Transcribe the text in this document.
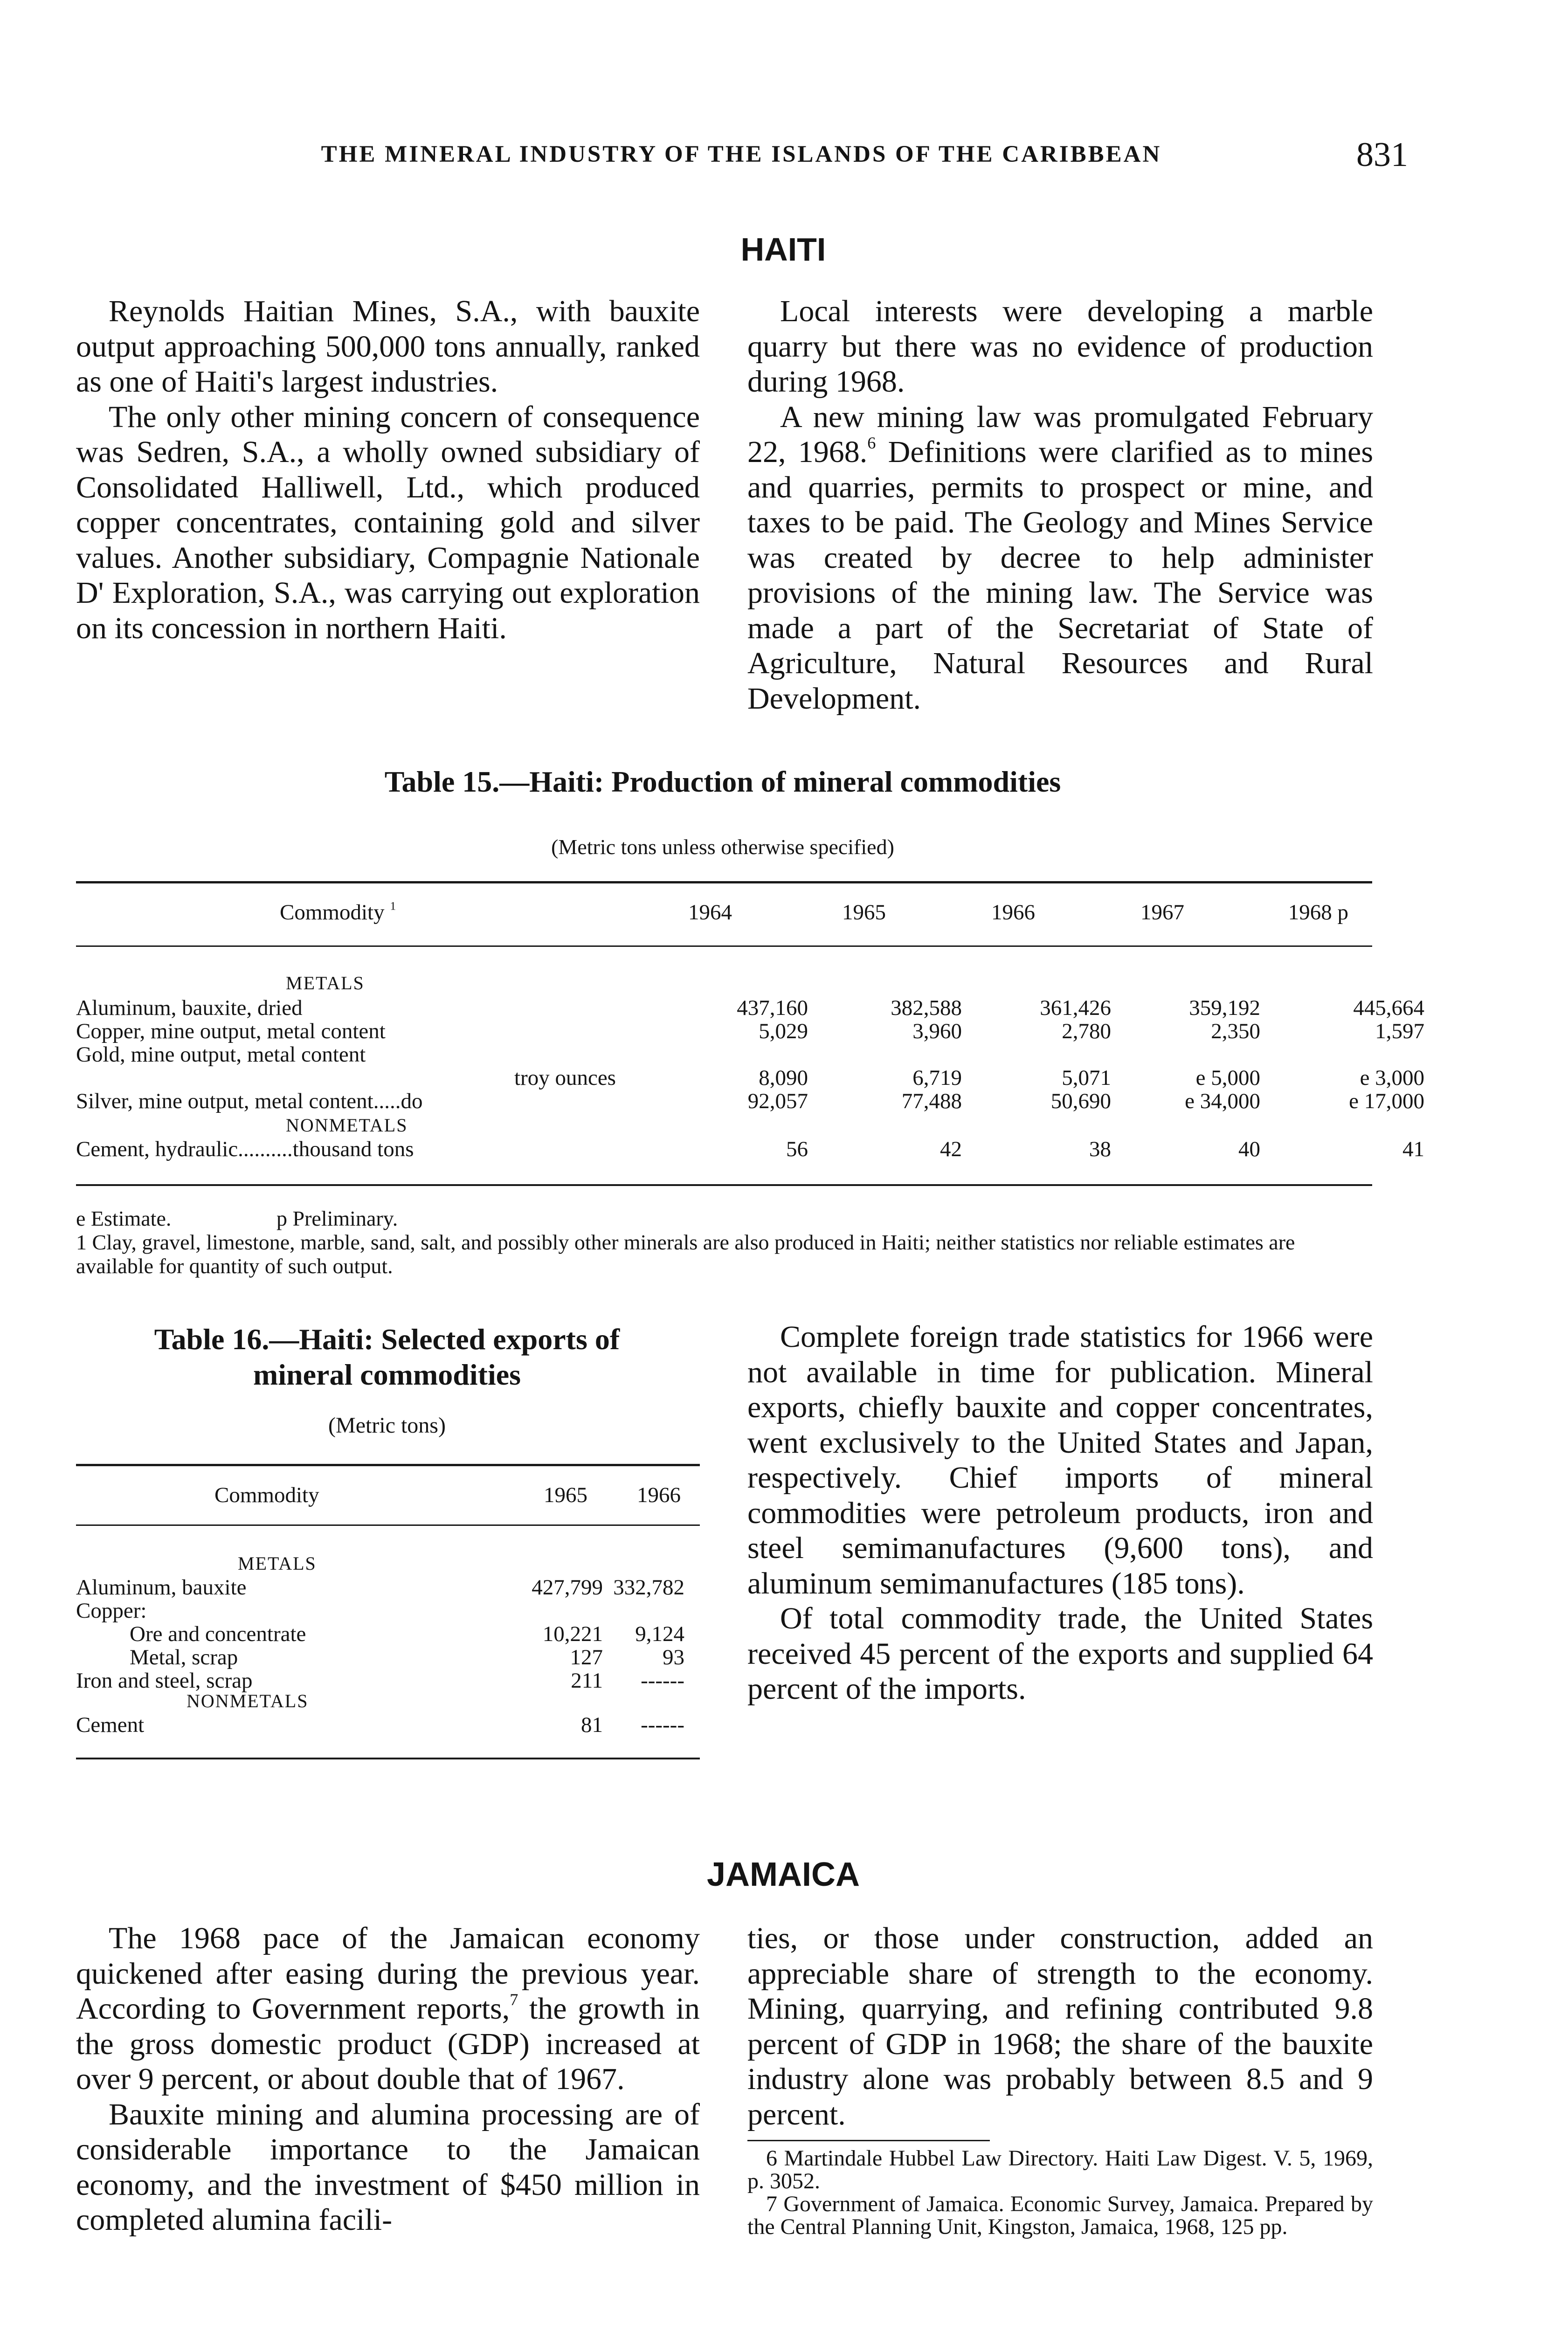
THE MINERAL INDUSTRY OF THE ISLANDS OF THE CARIBBEAN	831
HAITI

Reynolds Haitian Mines, S.A., with bauxite output approaching 500,000 tons annually, ranked as one of Haiti's largest industries.

The only other mining concern of consequence was Sedren, S.A., a wholly owned subsidiary of Consolidated Halliwell, Ltd., which produced copper concentrates, containing gold and silver values. Another subsidiary, Compagnie Nationale D' Exploration, S.A., was carrying out exploration on its concession in northern Haiti.

Local interests were developing a marble quarry but there was no evidence of production during 1968.

A new mining law was promulgated February 22, 1968.$^6$ Definitions were clarified as to mines and quarries, permits to prospect or mine, and taxes to be paid. The Geology and Mines Service was created by decree to help administer provisions of the mining law. The Service was made a part of the Secretariat of State of Agriculture, Natural Resources and Rural Development.

Table 15.—Haiti: Production of mineral commodities
(Metric tons unless otherwise specified)
Commodity $^1$	1964	1965	1966	1967	1968 p
METALS
Aluminum, bauxite, dried	437,160	382,588	361,426	359,192	445,664
Copper, mine output, metal content	5,029	3,960	2,780	2,350	1,597
Gold, mine output, metal content
troy ounces	8,090	6,719	5,071	e 5,000	e 3,000
Silver, mine output, metal content.....do	92,057	77,488	50,690	e 34,000	e 17,000
NONMETALS
Cement, hydraulic..........thousand tons	56	42	38	40	41
e Estimate.	p Preliminary.
1 Clay, gravel, limestone, marble, sand, salt, and possibly other minerals are also produced in Haiti; neither statistics nor reliable estimates are available for quantity of such output.
Table 16.—Haiti: Selected exports of
mineral commodities
(Metric tons)
Commodity	1965	1966
METALS
Aluminum, bauxite	427,799 332,782
Copper:
Ore and concentrate	10,221	9,124
Metal, scrap	127	93
Iron and steel, scrap	211	------
NONMETALS
Cement	81	------

Complete foreign trade statistics for 1966 were not available in time for publication. Mineral exports, chiefly bauxite and copper concentrates, went exclusively to the United States and Japan, respectively. Chief imports of mineral commodities were petroleum products, iron and steel semimanufactures (9,600 tons), and aluminum semimanufactures (185 tons).

Of total commodity trade, the United States received 45 percent of the exports and supplied 64 percent of the imports.

JAMAICA

The 1968 pace of the Jamaican economy quickened after easing during the previous year. According to Government reports,$^7$ the growth in the gross domestic product (GDP) increased at over 9 percent, or about double that of 1967.

Bauxite mining and alumina processing are of considerable importance to the Jamaican economy, and the investment of $450 million in completed alumina facili-

ties, or those under construction, added an appreciable share of strength to the economy. Mining, quarrying, and refining contributed 9.8 percent of GDP in 1968; the share of the bauxite industry alone was probably between 8.5 and 9 percent.

6 Martindale Hubbel Law Directory. Haiti Law Digest. V. 5, 1969, p. 3052.

7 Government of Jamaica. Economic Survey, Jamaica. Prepared by the Central Planning Unit, Kingston, Jamaica, 1968, 125 pp.
